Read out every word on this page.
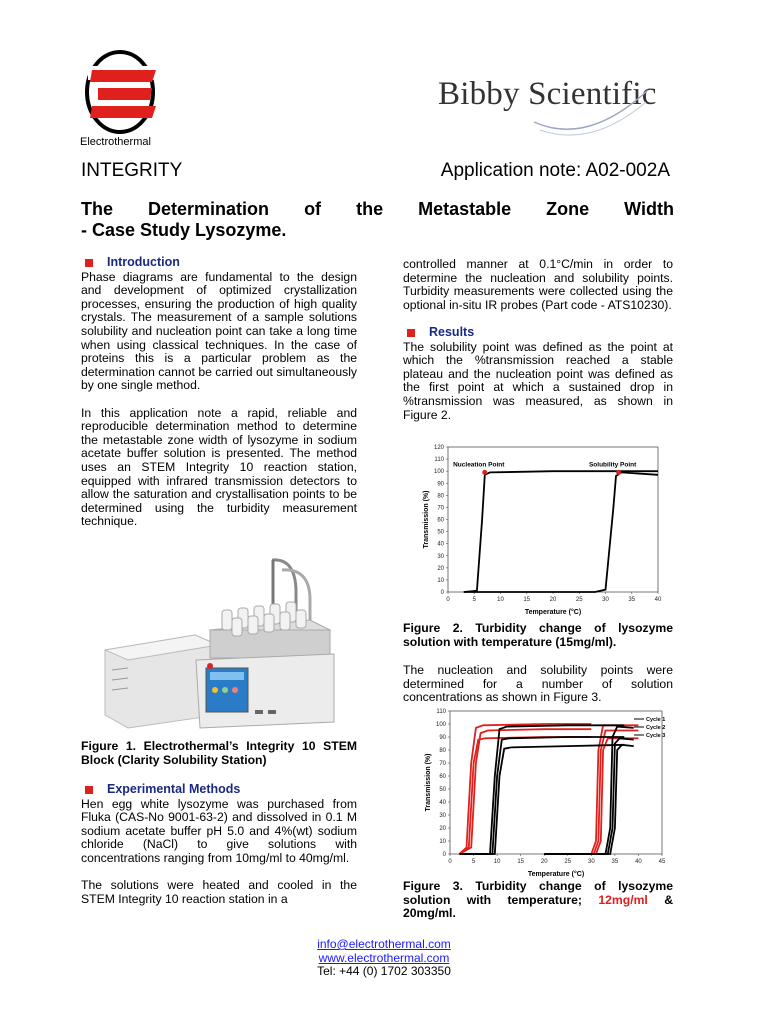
Electrothermal
Bibby Scientific
INTEGRITY	Application note: A02-002A
The Determination of the Metastable Zone Width
- Case Study Lysozyme.
Introduction

Phase diagrams are fundamental to the design and development of optimized crystallization processes, ensuring the production of high quality crystals. The measurement of a sample solutions solubility and nucleation point can take a long time when using classical techniques. In the case of proteins this is a particular problem as the determination cannot be carried out simultaneously by one single method.

In this application note a rapid, reliable and reproducible determination method to determine the metastable zone width of lysozyme in sodium acetate buffer solution is presented. The method uses an STEM Integrity 10 reaction station, equipped with infrared transmission detectors to allow the saturation and crystallisation points to be determined using the turbidity measurement technique.

Figure 1. Electrothermal’s Integrity 10 STEM Block (Clarity Solubility Station)
Experimental Methods

Hen egg white lysozyme was purchased from Fluka (CAS-No 9001-63-2) and dissolved in 0.1 M sodium acetate buffer pH 5.0 and 4%(wt) sodium chloride (NaCl) to give solutions with concentrations ranging from 10mg/ml to 40mg/ml.

The solutions were heated and cooled in the STEM Integrity 10 reaction station in a

controlled manner at 0.1°C/min in order to determine the nucleation and solubility points. Turbidity measurements were collected using the optional in-situ IR probes (Part code - ATS10230).

Results

The solubility point was defined as the point at which the %transmission reached a stable plateau and the nucleation point was defined as the first point at which a sustained drop in %transmission was measured, as shown in Figure 2.

0
10
20
30
40
50
60
70
80
90
100
110
120
0	5	10	15	20	25	30	35	40
Temperature (°C)
Transmission (%)
Nucleation Point	Solubility Point
Figure 2. Turbidity change of lysozyme solution with temperature (15mg/ml).
The nucleation and solubility points were determined for a number of solution concentrations as shown in Figure 3.
0
10
20
30
40
50
60
70
80
90
100
110
0	5	10	15	20	25	30	35	40	45
Temperature (°C)
Transmission (%)
Cycle 1
Cycle 2
Cycle 3
Figure 3. Turbidity change of lysozyme solution with temperature; 12mg/ml & 20mg/ml.
info@electrothermal.com
www.electrothermal.com
Tel: +44 (0) 1702 303350
